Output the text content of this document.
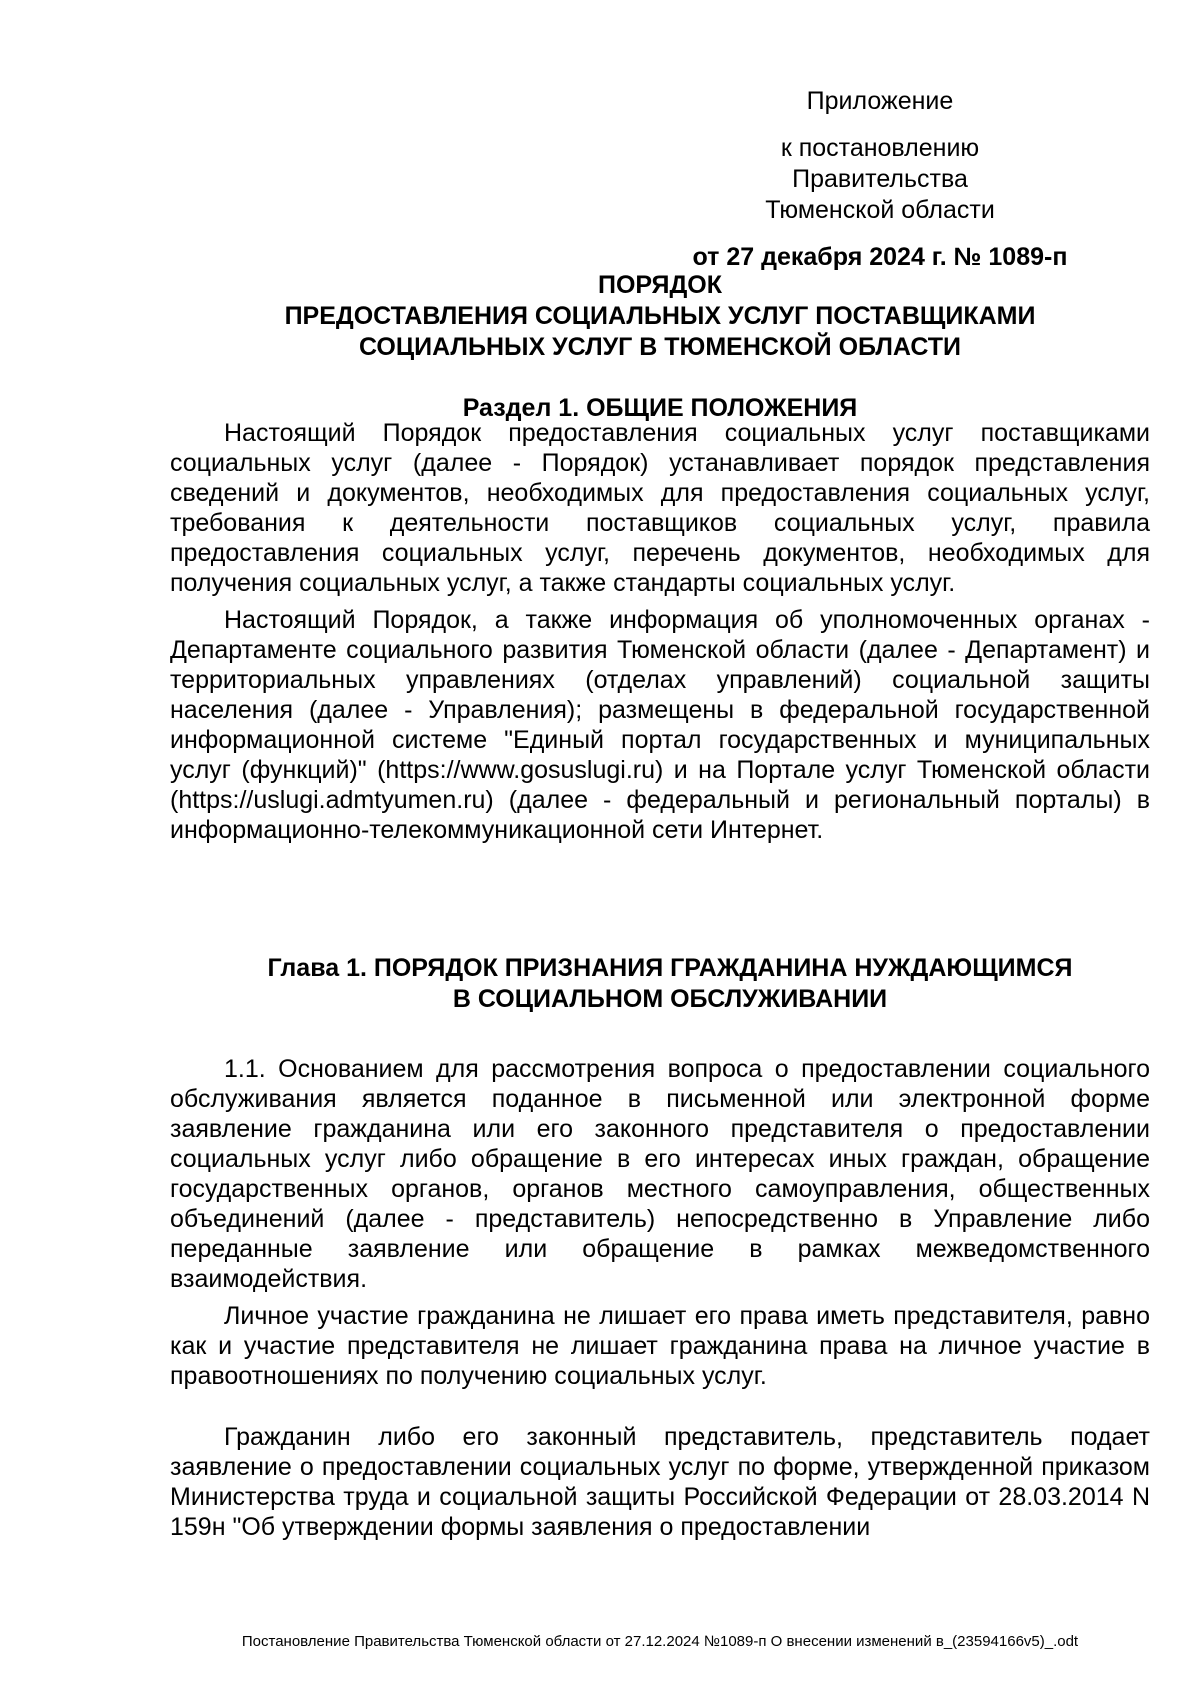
Приложение
к постановлению Правительства
Тюменской области
от 27 декабря 2024 г. № 1089-п
ПОРЯДОК
ПРЕДОСТАВЛЕНИЯ СОЦИАЛЬНЫХ УСЛУГ ПОСТАВЩИКАМИ
СОЦИАЛЬНЫХ УСЛУГ В ТЮМЕНСКОЙ ОБЛАСТИ
Раздел 1. ОБЩИЕ ПОЛОЖЕНИЯ

Настоящий Порядок предоставления социальных услуг поставщиками социальных услуг (далее - Порядок) устанавливает порядок представления сведений и документов, необходимых для предоставления социальных услуг, требования к деятельности поставщиков социальных услуг, правила предоставления социальных услуг, перечень документов, необходимых для получения социальных услуг, а также стандарты социальных услуг.

Настоящий Порядок, а также информация об уполномоченных органах - Департаменте социального развития Тюменской области (далее - Департамент) и территориальных управлениях (отделах управлений) социальной защиты населения (далее - Управления); размещены в федеральной государственной информационной системе "Единый портал государственных и муниципальных услуг (функций)" (https://www.gosuslugi.ru) и на Портале услуг Тюменской области (https://uslugi.admtyumen.ru) (далее - федеральный и региональный порталы) в информационно-телекоммуникационной сети Интернет.

Глава 1. ПОРЯДОК ПРИЗНАНИЯ ГРАЖДАНИНА НУЖДАЮЩИМСЯ
В СОЦИАЛЬНОМ ОБСЛУЖИВАНИИ

1.1. Основанием для рассмотрения вопроса о предоставлении социального обслуживания является поданное в письменной или электронной форме заявление гражданина или его законного представителя о предоставлении социальных услуг либо обращение в его интересах иных граждан, обращение государственных органов, органов местного самоуправления, общественных объединений (далее - представитель) непосредственно в Управление либо переданные заявление или обращение в рамках межведомственного взаимодействия.

Личное участие гражданина не лишает его права иметь представителя, равно как и участие представителя не лишает гражданина права на личное участие в правоотношениях по получению социальных услуг.

Гражданин либо его законный представитель, представитель подает заявление о предоставлении социальных услуг по форме, утвержденной приказом Министерства труда и социальной защиты Российской Федерации от 28.03.2014 N 159н "Об утверждении формы заявления о предоставлении

Постановление Правительства Тюменской области от 27.12.2024 №1089-п О внесении изменений в_(23594166v5)_.odt
